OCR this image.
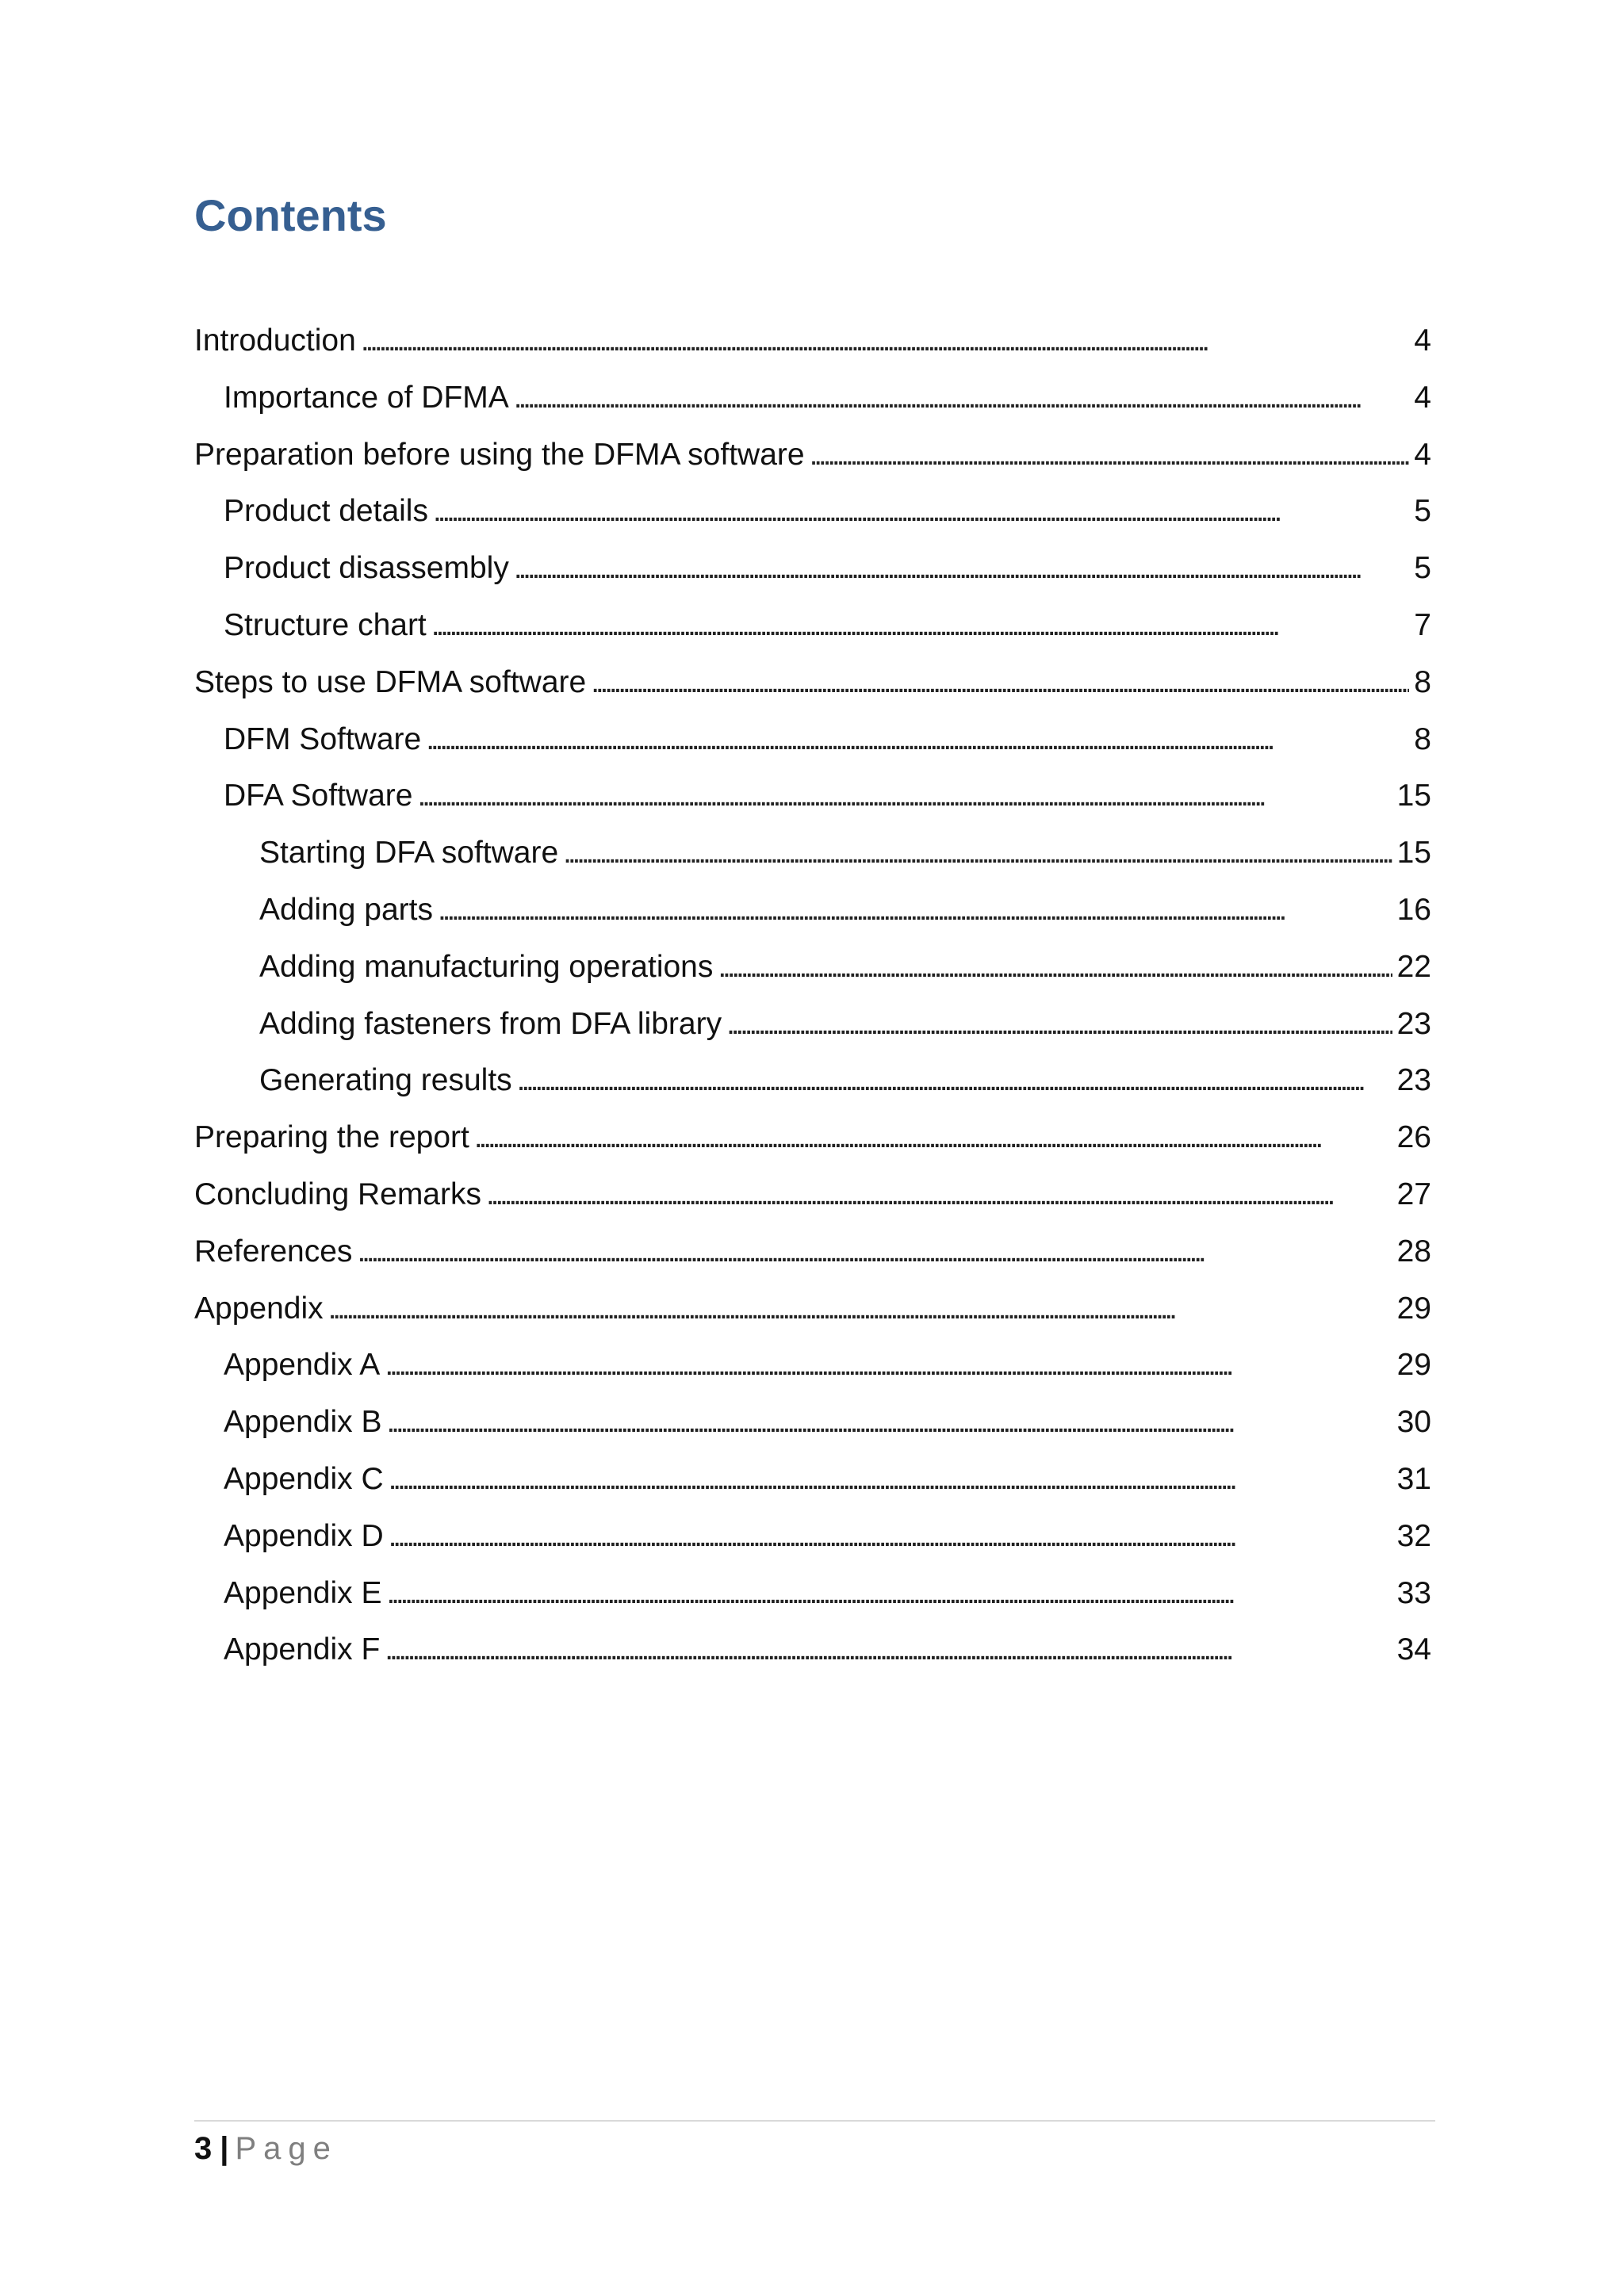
Contents
Introduction . . .	4
Importance of DFMA . . .	4
Preparation before using the DFMA software . . .	4
Product details . . .	5
Product disassembly . . .	5
Structure chart . . .	7
Steps to use DFMA software . . .	8
DFM Software . . .	8
DFA Software . . .	15
Starting DFA software . . .	15
Adding parts . . .	16
Adding manufacturing operations . . .	22
Adding fasteners from DFA library . . .	23
Generating results . . .	23
Preparing the report . . .	26
Concluding Remarks . . .	27
References . . .	28
Appendix . . .	29
Appendix A . . .	29
Appendix B . . .	30
Appendix C . . .	31
Appendix D . . .	32
Appendix E . . .	33
Appendix F . . .	34
3 | Page
